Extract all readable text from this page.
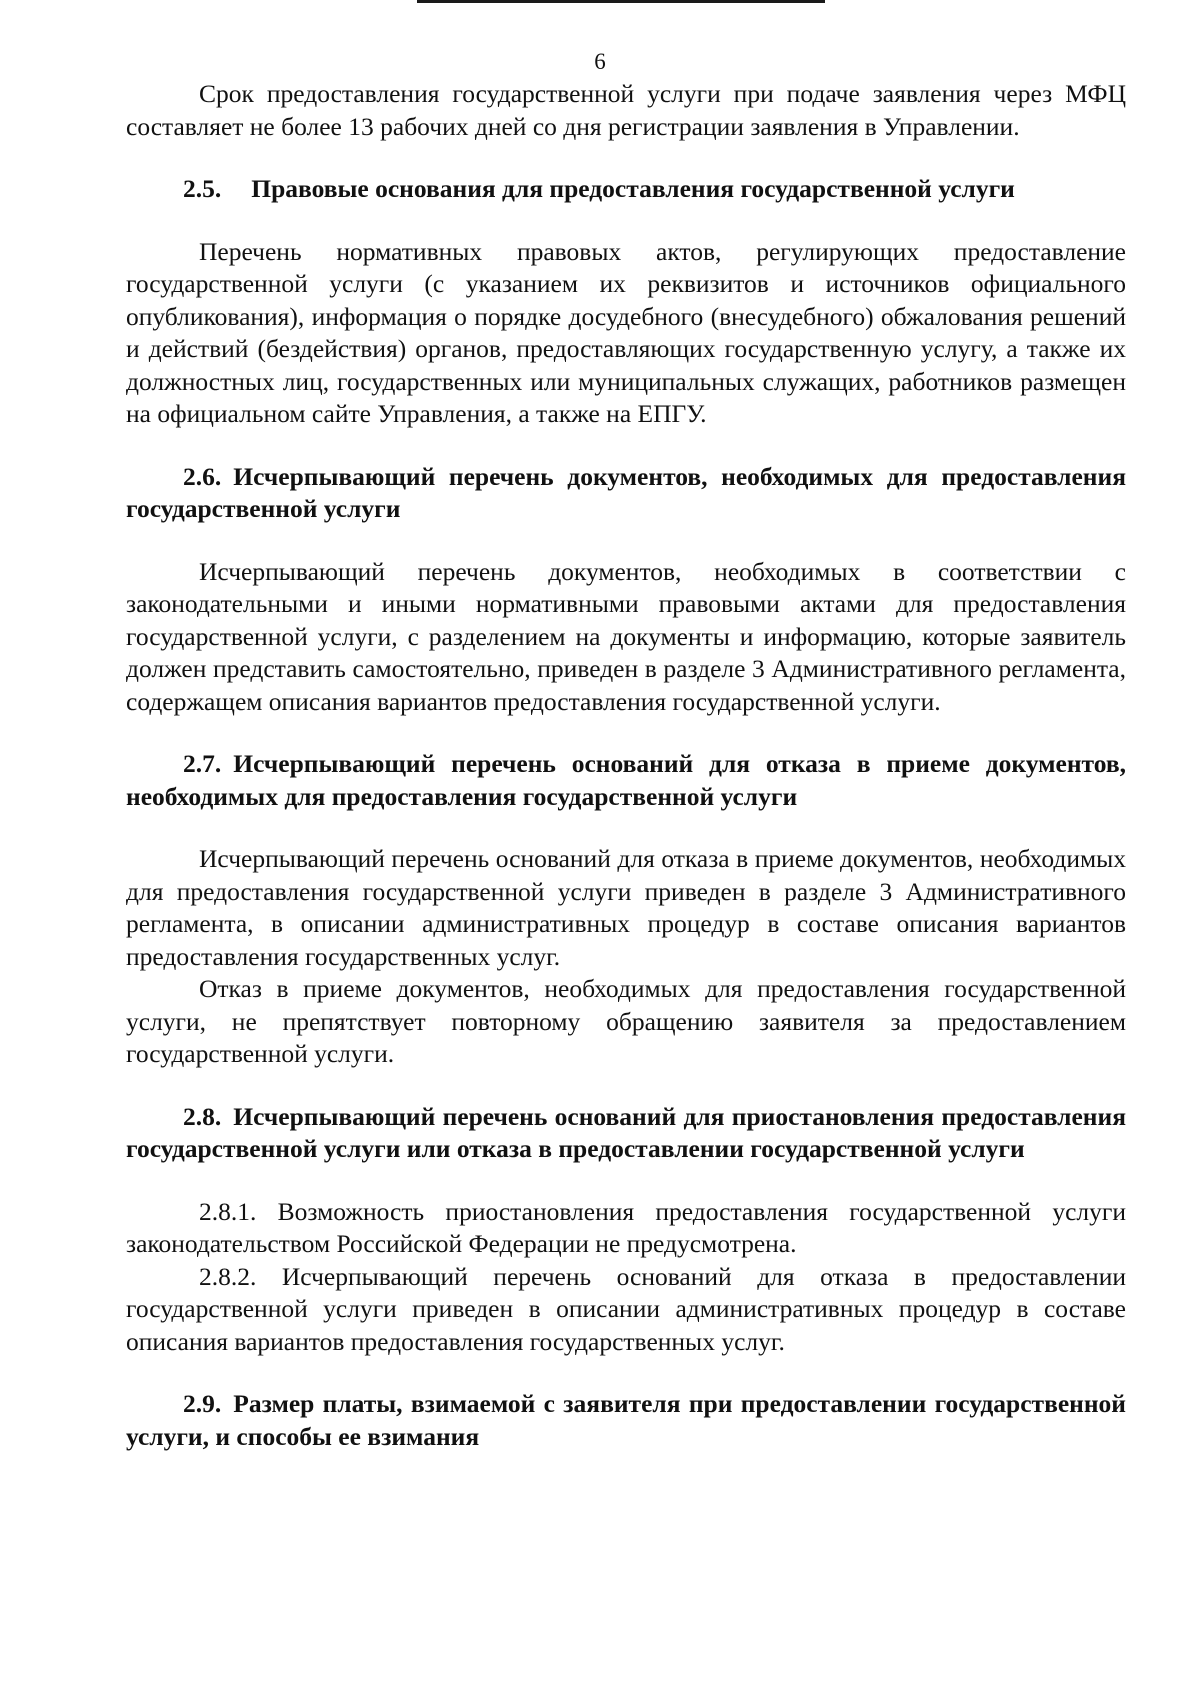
6

Срок предоставления государственной услуги при подаче заявления через МФЦ составляет не более 13 рабочих дней со дня регистрации заявления в Управлении.

2.5. Правовые основания для предоставления государственной услуги

Перечень нормативных правовых актов, регулирующих предоставление государственной услуги (с указанием их реквизитов и источников официального опубликования), информация о порядке досудебного (внесудебного) обжалования решений и действий (бездействия) органов, предоставляющих государственную услугу, а также их должностных лиц, государственных или муниципальных служащих, работников размещен на официальном сайте Управления, а также на ЕПГУ.

2.6. Исчерпывающий перечень документов, необходимых для предоставления государственной услуги

Исчерпывающий перечень документов, необходимых в соответствии с законодательными и иными нормативными правовыми актами для предоставления государственной услуги, с разделением на документы и информацию, которые заявитель должен представить самостоятельно, приведен в разделе 3 Административного регламента, содержащем описания вариантов предоставления государственной услуги.

2.7. Исчерпывающий перечень оснований для отказа в приеме документов, необходимых для предоставления государственной услуги

Исчерпывающий перечень оснований для отказа в приеме документов, необходимых для предоставления государственной услуги приведен в разделе 3 Административного регламента, в описании административных процедур в составе описания вариантов предоставления государственных услуг.

Отказ в приеме документов, необходимых для предоставления государственной услуги, не препятствует повторному обращению заявителя за предоставлением государственной услуги.

2.8. Исчерпывающий перечень оснований для приостановления предоставления государственной услуги или отказа в предоставлении государственной услуги

2.8.1. Возможность приостановления предоставления государственной услуги законодательством Российской Федерации не предусмотрена.

2.8.2. Исчерпывающий перечень оснований для отказа в предоставлении государственной услуги приведен в описании административных процедур в составе описания вариантов предоставления государственных услуг.

2.9. Размер платы, взимаемой с заявителя при предоставлении государственной услуги, и способы ее взимания
